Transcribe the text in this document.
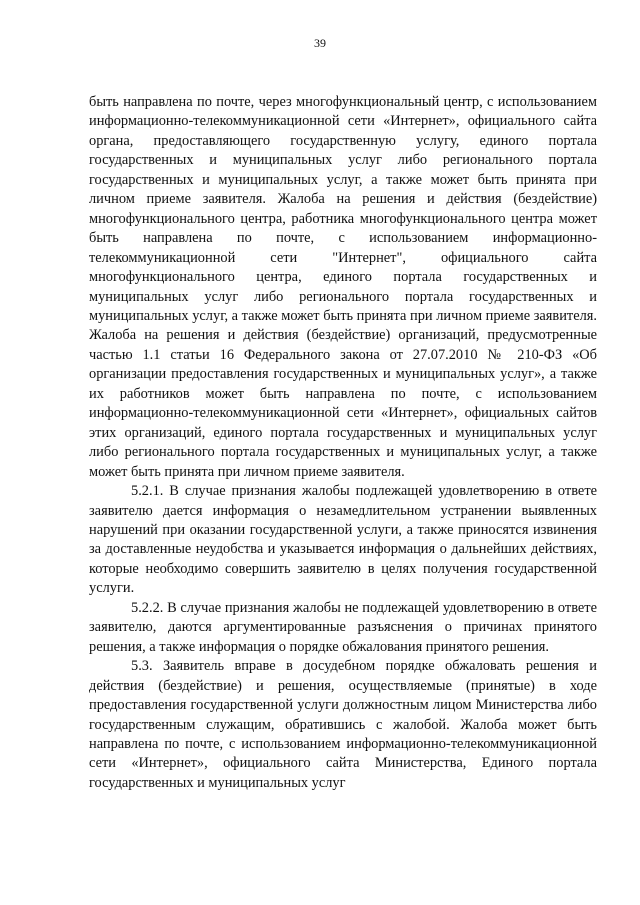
39

быть направлена по почте, через многофункциональный центр, с использованием информационно-телекоммуникационной сети «Интернет», официального сайта органа, предоставляющего государственную услугу, единого портала государственных и муниципальных услуг либо регионального портала государственных и муниципальных услуг, а также может быть принята при личном приеме заявителя. Жалоба на решения и действия (бездействие) многофункционального центра, работника многофункционального центра может быть направлена по почте, с использованием информационно-телекоммуникационной сети "Интернет", официального сайта многофункционального центра, единого портала государственных и муниципальных услуг либо регионального портала государственных и муниципальных услуг, а также может быть принята при личном приеме заявителя. Жалоба на решения и действия (бездействие) организаций, предусмотренные частью 1.1 статьи 16 Федерального закона от 27.07.2010 № 210-ФЗ «Об организации предоставления государственных и муниципальных услуг», а также их работников может быть направлена по почте, с использованием информационно-телекоммуникационной сети «Интернет», официальных сайтов этих организаций, единого портала государственных и муниципальных услуг либо регионального портала государственных и муниципальных услуг, а также может быть принята при личном приеме заявителя.

5.2.1. В случае признания жалобы подлежащей удовлетворению в ответе заявителю дается информация о незамедлительном устранении выявленных нарушений при оказании государственной услуги, а также приносятся извинения за доставленные неудобства и указывается информация о дальнейших действиях, которые необходимо совершить заявителю в целях получения государственной услуги.

5.2.2. В случае признания жалобы не подлежащей удовлетворению в ответе заявителю, даются аргументированные разъяснения о причинах принятого решения, а также информация о порядке обжалования принятого решения.

5.3. Заявитель вправе в досудебном порядке обжаловать решения и действия (бездействие) и решения, осуществляемые (принятые) в ходе предоставления государственной услуги должностным лицом Министерства либо государственным служащим, обратившись с жалобой. Жалоба может быть направлена по почте, с использованием информационно-телекоммуникационной сети «Интернет», официального сайта Министерства, Единого портала государственных и муниципальных услуг
